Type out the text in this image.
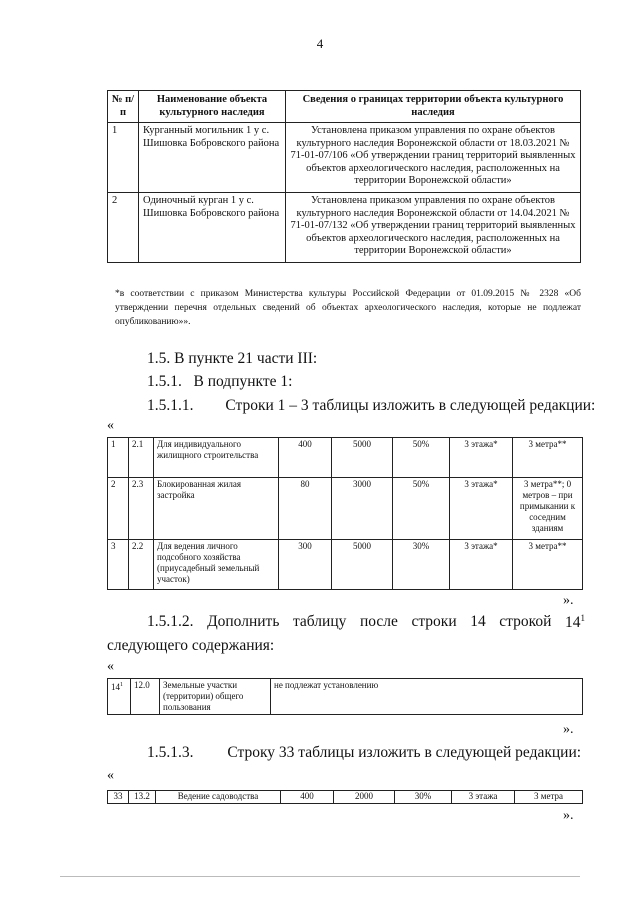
4
№ п/п	Наименование объекта культурного наследия	Сведения о границах территории объекта культурного наследия
1	Курганный могильник 1 у с. Шишовка Бобровского района	Установлена приказом управления по охране объектов культурного наследия Воронежской области от 18.03.2021 № 71-01-07/106 «Об утверждении границ территорий выявленных объектов археологического наследия, расположенных на территории Воронежской области»
2	Одиночный курган 1 у с. Шишовка Бобровского района	Установлена приказом управления по охране объектов культурного наследия Воронежской области от 14.04.2021 № 71-01-07/132 «Об утверждении границ территорий выявленных объектов археологического наследия, расположенных на территории Воронежской области»
*в соответствии с приказом Министерства культуры Российской Федерации от 01.09.2015 № 2328 «Об утверждении перечня отдельных сведений об объектах археологического наследия, которые не подлежат опубликованию»».
1.5. В пункте 21 части III:
1.5.1.   В подпункте 1:
1.5.1.1. Строки 1 – 3 таблицы изложить в следующей редакции:
«
1	2.1	Для индивидуального жилищного строительства	400	5000	50%	3 этажа*	3 метра**
2	2.3	Блокированная жилая застройка	80	3000	50%	3 этажа*	3 метра**; 0 метров – при примыкании к соседним зданиям
3	2.2	Для ведения личного подсобного хозяйства (приусадебный земельный участок)	300	5000	30%	3 этажа*	3 метра**
».
1.5.1.2. Дополнить таблицу после строки 14 строкой $14^1$
следующего содержания:
«
$14^1$	12.0	Земельные участки (территории) общего пользования	не подлежат установлению
».
1.5.1.3. Строку 33 таблицы изложить в следующей редакции:
«
33	13.2	Ведение садоводства	400	2000	30%	3 этажа	3 метра
».
